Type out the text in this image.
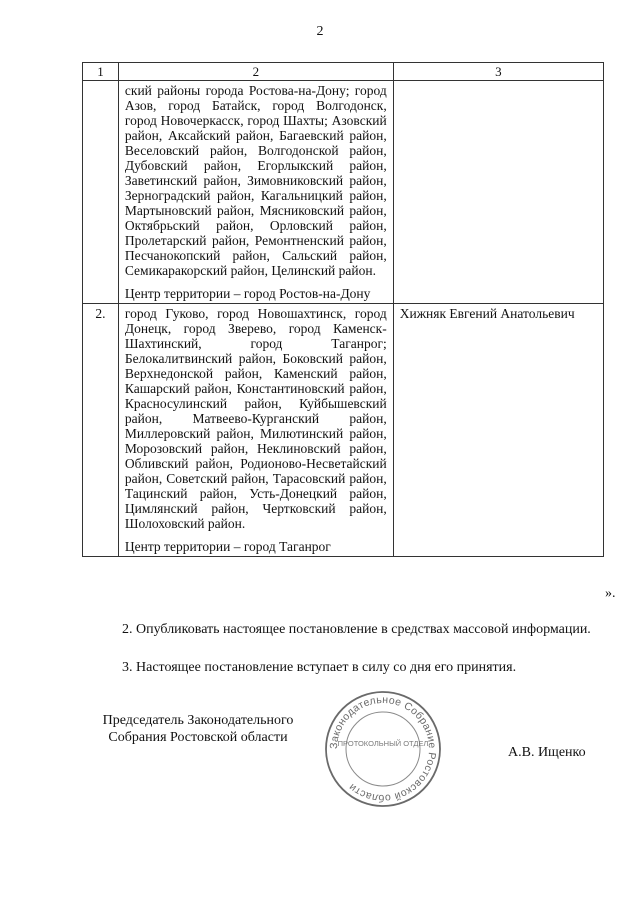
2
1	2	3
	ский районы города Ростова-на-Дону; город Азов, город Батайск, город Волгодонск, город Новочеркасск, город Шахты; Азовский район, Аксайский район, Багаевский район, Веселовский район, Волгодонской район, Дубовский район, Егорлыкский район, Заветинский район, Зимовниковский район, Зерноградский район, Кагальницкий район, Мартыновский район, Мясниковский район, Октябрьский район, Орловский район, Пролетарский район, Ремонтненский район, Песчанокопский район, Сальский район, Семикаракорский район, Целинский район.
Центр территории – город Ростов-на-Дону	

2.	город Гуково, город Новошахтинск, город Донецк, город Зверево, город Каменск-Шахтинский, город Таганрог; Белокалитвинский район, Боковский район, Верхнедонской район, Каменский район, Кашарский район, Константиновский район, Красносулинский район, Куйбышевский район, Матвеево-Курганский район, Миллеровский район, Милютинский район, Морозовский район, Неклиновский район, Обливский район, Родионово-Несветайский район, Советский район, Тарасовский район, Тацинский район, Усть-Донецкий район, Цимлянский район, Чертковский район, Шолоховский район.
Центр территории – город Таганрог	Хижняк Евгений Анатольевич
».
2. Опубликовать настоящее постановление в средствах массовой информации.
3. Настоящее постановление вступает в силу со дня его принятия.
Председатель Законодательного Собрания Ростовской области
А.В. Ищенко
Законодательное Собрание Ростовской области
ПРОТОКОЛЬНЫЙ ОТДЕЛ
